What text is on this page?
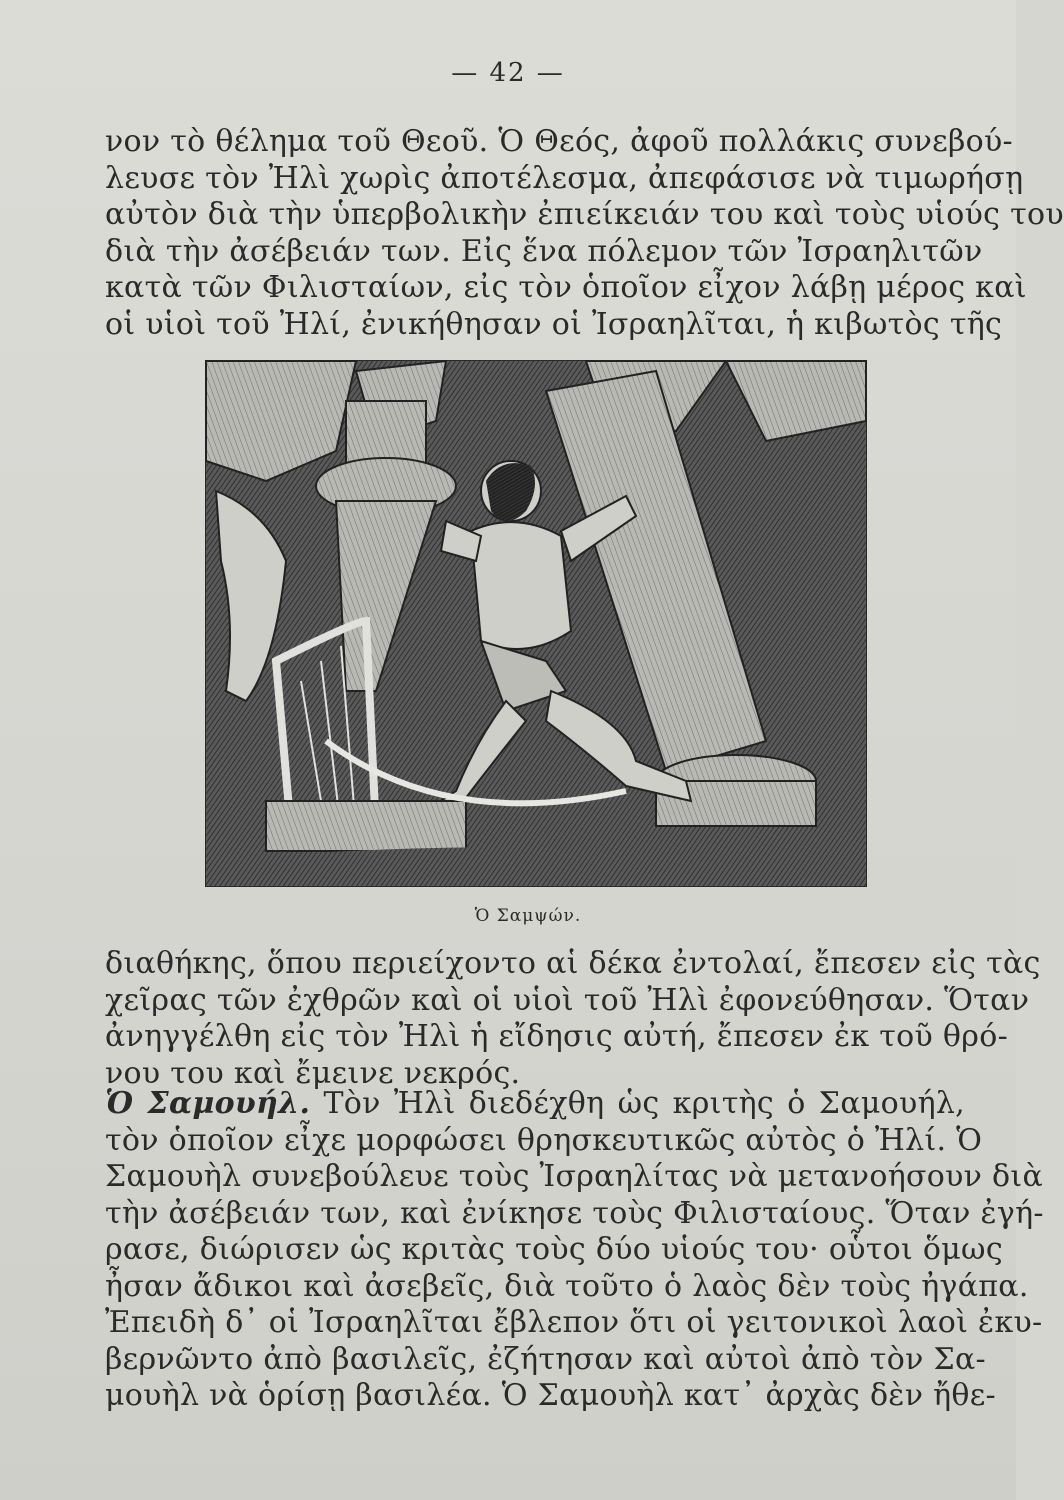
— 42 —
νον τὸ θέλημα τοῦ Θεοῦ. Ὁ Θεός, ἀφοῦ πολλάκις συνεβού-
λευσε τὸν Ἠλὶ χωρὶς ἀποτέλεσμα, ἀπεφάσισε νὰ τιμωρήσῃ
αὐτὸν διὰ τὴν ὑπερβολικὴν ἐπιείκειάν του καὶ τοὺς υἱούς του
διὰ τὴν ἀσέβειάν των. Εἰς ἕνα πόλεμον τῶν Ἰσραηλιτῶν
κατὰ τῶν Φιλισταίων, εἰς τὸν ὁποῖον εἶχον λάβῃ μέρος καὶ
οἱ υἱοὶ τοῦ Ἠλί, ἐνικήθησαν οἱ Ἰσραηλῖται, ἡ κιβωτὸς τῆς
Ὁ Σαμψών.
διαθήκης, ὅπου περιείχοντο αἱ δέκα ἐντολαί, ἔπεσεν εἰς τὰς
χεῖρας τῶν ἐχθρῶν καὶ οἱ υἱοὶ τοῦ Ἠλὶ ἐφονεύθησαν. Ὅταν
ἀνηγγέλθη εἰς τὸν Ἠλὶ ἡ εἴδησις αὐτή, ἔπεσεν ἐκ τοῦ θρό-
νου του καὶ ἔμεινε νεκρός.
Ὁ Σαμουήλ. Τὸν Ἠλὶ διεδέχθη ὡς κριτὴς ὁ Σαμουήλ,
τὸν ὁποῖον εἶχε μορφώσει θρησκευτικῶς αὐτὸς ὁ Ἠλί. Ὁ
Σαμουὴλ συνεβούλευε τοὺς Ἰσραηλίτας νὰ μετανοήσουν διὰ
τὴν ἀσέβειάν των, καὶ ἐνίκησε τοὺς Φιλισταίους. Ὅταν ἐγή-
ρασε, διώρισεν ὡς κριτὰς τοὺς δύο υἱούς του· οὗτοι ὅμως
ἦσαν ἄδικοι καὶ ἀσεβεῖς, διὰ τοῦτο ὁ λαὸς δὲν τοὺς ἠγάπα.
Ἐπειδὴ δ᾿ οἱ Ἰσραηλῖται ἔβλεπον ὅτι οἱ γειτονικοὶ λαοὶ ἐκυ-
βερνῶντο ἀπὸ βασιλεῖς, ἐζήτησαν καὶ αὐτοὶ ἀπὸ τὸν Σα-
μουὴλ νὰ ὁρίσῃ βασιλέα. Ὁ Σαμουὴλ κατ᾿ ἀρχὰς δὲν ἤθε-
